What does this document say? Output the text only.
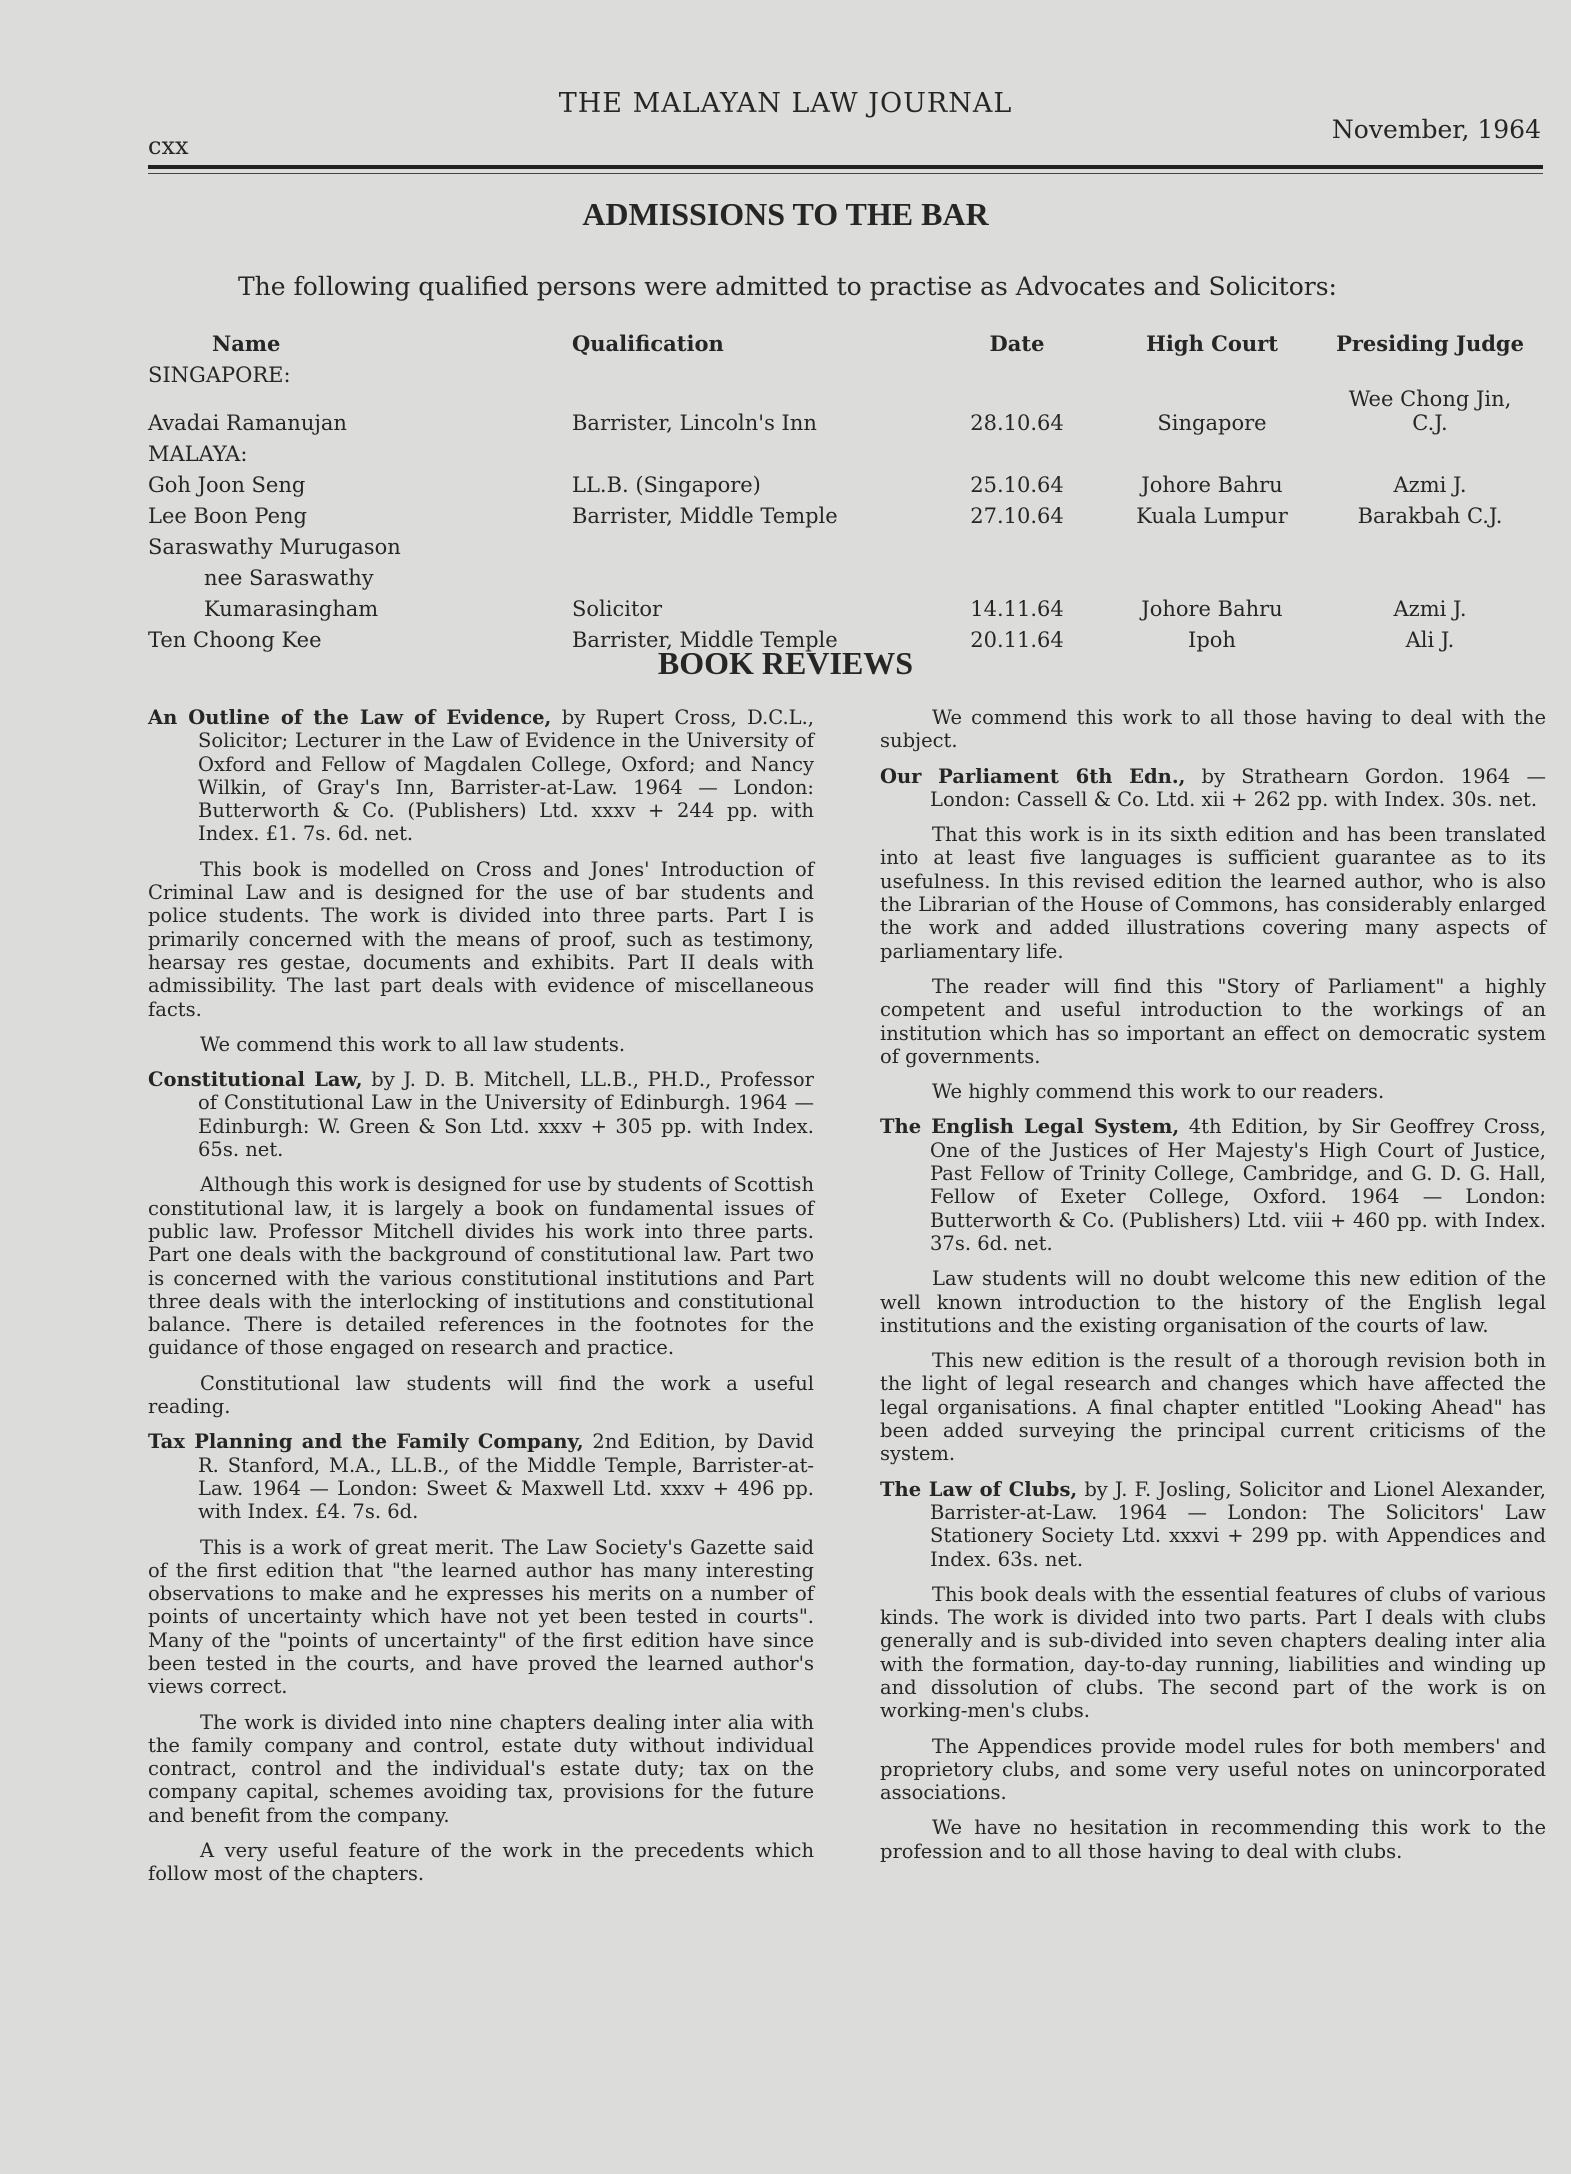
THE MALAYAN LAW JOURNAL
cxx
November, 1964
ADMISSIONS TO THE BAR
The following qualified persons were admitted to practise as Advocates and Solicitors:
Name	Qualification	Date	High Court	Presiding Judge
SINGAPORE:				
Avadai Ramanujan	Barrister, Lincoln's Inn	28.10.64	Singapore	Wee Chong Jin, C.J.
MALAYA:				
Goh Joon Seng	LL.B. (Singapore)	25.10.64	Johore Bahru	Azmi J.
Lee Boon Peng	Barrister, Middle Temple	27.10.64	Kuala Lumpur	Barakbah C.J.
Saraswathy Murugason				
nee Saraswathy				
Kumarasingham	Solicitor	14.11.64	Johore Bahru	Azmi J.
Ten Choong Kee	Barrister, Middle Temple	20.11.64	Ipoh	Ali J.
BOOK REVIEWS

An Outline of the Law of Evidence, by Rupert Cross, D.C.L., Solicitor; Lecturer in the Law of Evidence in the University of Oxford and Fellow of Magdalen College, Oxford; and Nancy Wilkin, of Gray's Inn, Barrister-at-Law. 1964 — London: Butterworth & Co. (Publishers) Ltd. xxxv + 244 pp. with Index. £1. 7s. 6d. net.

This book is modelled on Cross and Jones' Introduction of Criminal Law and is designed for the use of bar students and police students. The work is divided into three parts. Part I is primarily concerned with the means of proof, such as testimony, hearsay res gestae, documents and exhibits. Part II deals with admissibility. The last part deals with evidence of miscellaneous facts.

We commend this work to all law students.

Constitutional Law, by J. D. B. Mitchell, LL.B., PH.D., Professor of Constitutional Law in the University of Edinburgh. 1964 — Edinburgh: W. Green & Son Ltd. xxxv + 305 pp. with Index. 65s. net.

Although this work is designed for use by students of Scottish constitutional law, it is largely a book on fundamental issues of public law. Professor Mitchell divides his work into three parts. Part one deals with the background of constitutional law. Part two is concerned with the various constitutional institutions and Part three deals with the interlocking of institutions and constitutional balance. There is detailed references in the footnotes for the guidance of those engaged on research and practice.

Constitutional law students will find the work a useful reading.

Tax Planning and the Family Company, 2nd Edition, by David R. Stanford, M.A., LL.B., of the Middle Temple, Barrister-at-Law. 1964 — London: Sweet & Maxwell Ltd. xxxv + 496 pp. with Index. £4. 7s. 6d.

This is a work of great merit. The Law Society's Gazette said of the first edition that "the learned author has many interesting observations to make and he expresses his merits on a number of points of uncertainty which have not yet been tested in courts". Many of the "points of uncertainty" of the first edition have since been tested in the courts, and have proved the learned author's views correct.

The work is divided into nine chapters dealing inter alia with the family company and control, estate duty without individual contract, control and the individual's estate duty; tax on the company capital, schemes avoiding tax, provisions for the future and benefit from the company.

A very useful feature of the work in the precedents which follow most of the chapters.

We commend this work to all those having to deal with the subject.

Our Parliament 6th Edn., by Strathearn Gordon. 1964 — London: Cassell & Co. Ltd. xii + 262 pp. with Index. 30s. net.

That this work is in its sixth edition and has been translated into at least five languages is sufficient guarantee as to its usefulness. In this revised edition the learned author, who is also the Librarian of the House of Commons, has considerably enlarged the work and added illustrations covering many aspects of parliamentary life.

The reader will find this "Story of Parliament" a highly competent and useful introduction to the workings of an institution which has so important an effect on democratic system of governments.

We highly commend this work to our readers.

The English Legal System, 4th Edition, by Sir Geoffrey Cross, One of the Justices of Her Majesty's High Court of Justice, Past Fellow of Trinity College, Cambridge, and G. D. G. Hall, Fellow of Exeter College, Oxford. 1964 — London: Butterworth & Co. (Publishers) Ltd. viii + 460 pp. with Index. 37s. 6d. net.

Law students will no doubt welcome this new edition of the well known introduction to the history of the English legal institutions and the existing organisation of the courts of law.

This new edition is the result of a thorough revision both in the light of legal research and changes which have affected the legal organisations. A final chapter entitled "Looking Ahead" has been added surveying the principal current criticisms of the system.

The Law of Clubs, by J. F. Josling, Solicitor and Lionel Alexander, Barrister-at-Law. 1964 — London: The Solicitors' Law Stationery Society Ltd. xxxvi + 299 pp. with Appendices and Index. 63s. net.

This book deals with the essential features of clubs of various kinds. The work is divided into two parts. Part I deals with clubs generally and is sub-divided into seven chapters dealing inter alia with the formation, day-to-day running, liabilities and winding up and dissolution of clubs. The second part of the work is on working-men's clubs.

The Appendices provide model rules for both members' and proprietory clubs, and some very useful notes on unincorporated associations.

We have no hesitation in recommending this work to the profession and to all those having to deal with clubs.
